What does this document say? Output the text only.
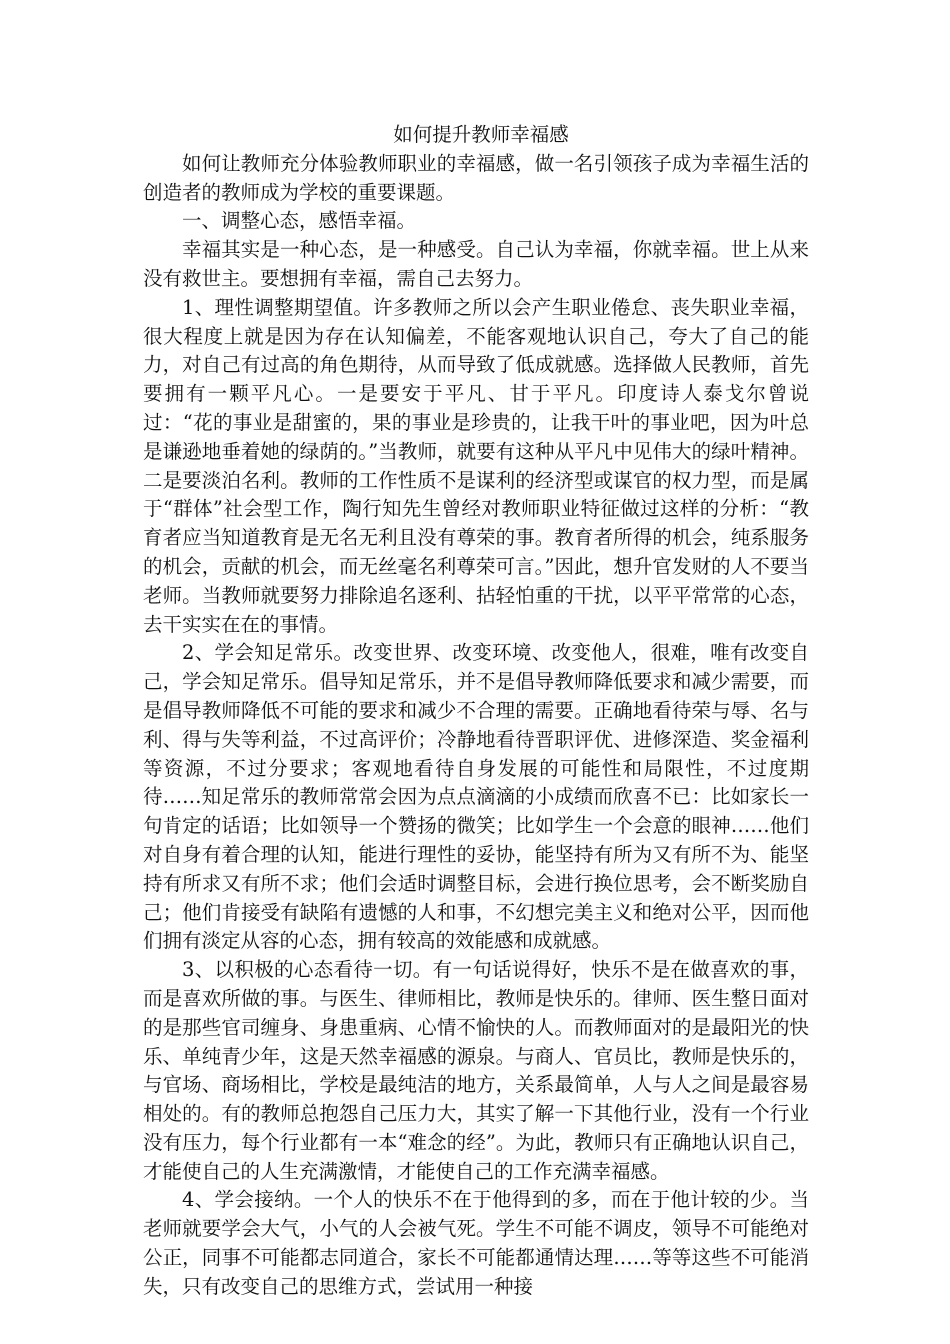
如何提升教师幸福感

如何让教师充分体验教师职业的幸福感，做一名引领孩子成为幸福生活的创造者的教师成为学校的重要课题。

一、调整心态，感悟幸福。

幸福其实是一种心态，是一种感受。自己认为幸福，你就幸福。世上从来没有救世主。要想拥有幸福，需自己去努力。

1、理性调整期望值。许多教师之所以会产生职业倦怠、丧失职业幸福，很大程度上就是因为存在认知偏差，不能客观地认识自己，夸大了自己的能力，对自己有过高的角色期待，从而导致了低成就感。选择做人民教师，首先要拥有一颗平凡心。一是要安于平凡、甘于平凡。印度诗人泰戈尔曾说过：“花的事业是甜蜜的，果的事业是珍贵的，让我干叶的事业吧，因为叶总是谦逊地垂着她的绿荫的。”当教师，就要有这种从平凡中见伟大的绿叶精神。二是要淡泊名利。教师的工作性质不是谋利的经济型或谋官的权力型，而是属于“群体”社会型工作，陶行知先生曾经对教师职业特征做过这样的分析：“教育者应当知道教育是无名无利且没有尊荣的事。教育者所得的机会，纯系服务的机会，贡献的机会，而无丝毫名利尊荣可言。”因此，想升官发财的人不要当老师。当教师就要努力排除追名逐利、拈轻怕重的干扰，以平平常常的心态，去干实实在在的事情。

2、学会知足常乐。改变世界、改变环境、改变他人，很难，唯有改变自己，学会知足常乐。倡导知足常乐，并不是倡导教师降低要求和减少需要，而是倡导教师降低不可能的要求和减少不合理的需要。正确地看待荣与辱、名与利、得与失等利益，不过高评价；冷静地看待晋职评优、进修深造、奖金福利等资源，不过分要求；客观地看待自身发展的可能性和局限性，不过度期待……知足常乐的教师常常会因为点点滴滴的小成绩而欣喜不已：比如家长一句肯定的话语；比如领导一个赞扬的微笑；比如学生一个会意的眼神……他们对自身有着合理的认知，能进行理性的妥协，能坚持有所为又有所不为、能坚持有所求又有所不求；他们会适时调整目标，会进行换位思考，会不断奖励自己；他们肯接受有缺陷有遗憾的人和事，不幻想完美主义和绝对公平，因而他们拥有淡定从容的心态，拥有较高的效能感和成就感。

3、以积极的心态看待一切。有一句话说得好，快乐不是在做喜欢的事，而是喜欢所做的事。与医生、律师相比，教师是快乐的。律师、医生整日面对的是那些官司缠身、身患重病、心情不愉快的人。而教师面对的是最阳光的快乐、单纯青少年，这是天然幸福感的源泉。与商人、官员比，教师是快乐的，与官场、商场相比，学校是最纯洁的地方，关系最简单，人与人之间是最容易相处的。有的教师总抱怨自己压力大，其实了解一下其他行业，没有一个行业没有压力，每个行业都有一本“难念的经”。为此，教师只有正确地认识自己，才能使自己的人生充满激情，才能使自己的工作充满幸福感。

4、学会接纳。一个人的快乐不在于他得到的多，而在于他计较的少。当老师就要学会大气，小气的人会被气死。学生不可能不调皮，领导不可能绝对公正，同事不可能都志同道合，家长不可能都通情达理……等等这些不可能消失，只有改变自己的思维方式，尝试用一种接
